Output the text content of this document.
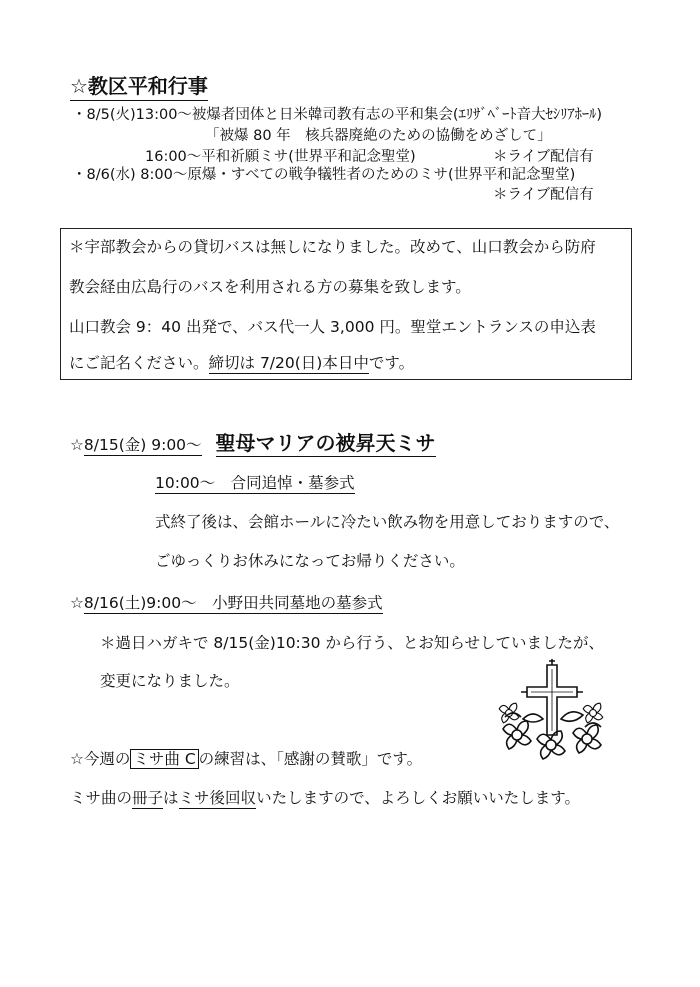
☆教区平和行事
・8/5(火)13:00～被爆者団体と日米韓司教有志の平和集会(ｴﾘｻﾞﾍﾞｰﾄ音大ｾｼﾘｱﾎｰﾙ)
「被爆 80 年　核兵器廃絶のための協働をめざして」
16:00～平和祈願ミサ(世界平和記念聖堂)	＊ライブ配信有
・8/6(水) 8:00～原爆・すべての戦争犠牲者のためのミサ(世界平和記念聖堂)
＊ライブ配信有
＊宇部教会からの貸切バスは無しになりました。改めて、山口教会から防府
教会経由広島行のバスを利用される方の募集を致します。
山口教会 9：40 出発で、バス代一人 3,000 円。聖堂エントランスの申込表
にご記名ください。締切は 7/20(日)本日中です。
☆8/15(金) 9:00～ 聖母マリアの被昇天ミサ
10:00～　合同追悼・墓参式
式終了後は、会館ホールに冷たい飲み物を用意しておりますので、
ごゆっくりお休みになってお帰りください。
☆8/16(土)9:00～　小野田共同墓地の墓参式
＊過日ハガキで 8/15(金)10:30 から行う、とお知らせしていましたが、
変更になりました。
☆今週の ミサ曲 C の練習は、「感謝の賛歌」です。
ミサ曲の冊子はミサ後回収いたしますので、よろしくお願いいたします。
